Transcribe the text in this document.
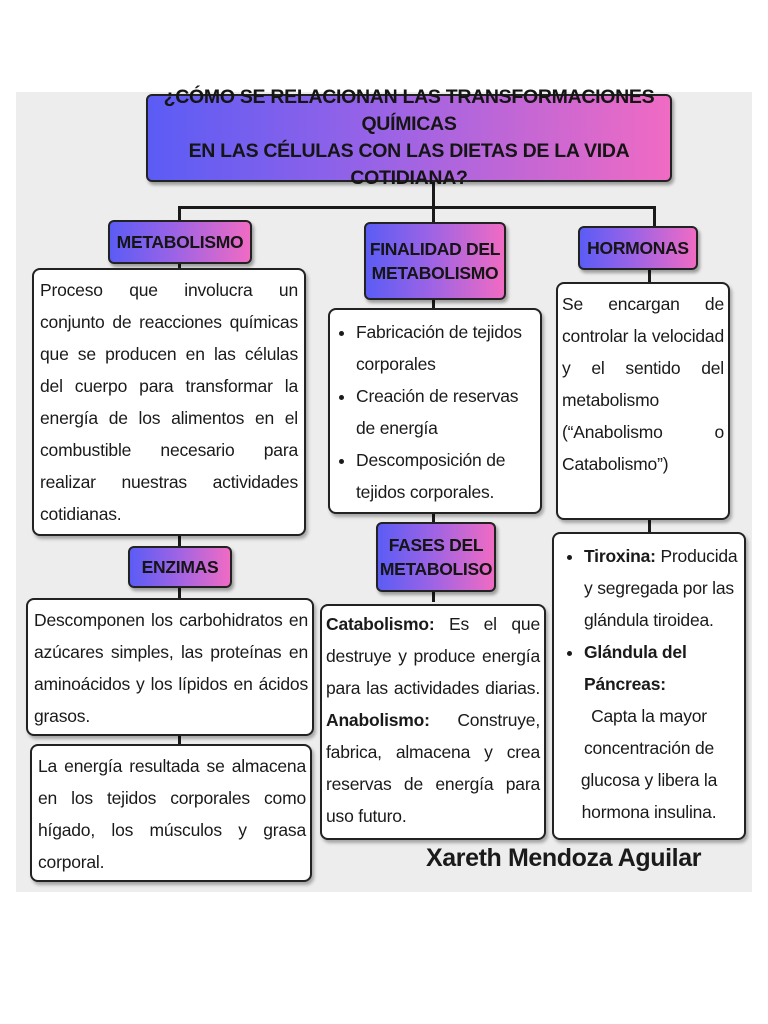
¿CÓMO SE RELACIONAN LAS TRANSFORMACIONES QUÍMICAS
EN LAS CÉLULAS CON LAS DIETAS DE LA VIDA COTIDIANA?
METABOLISMO
Proceso que involucra un conjunto de reacciones químicas que se producen en las células del cuerpo para transformar la energía de los alimentos en el combustible necesario para realizar nuestras actividades cotidianas.
ENZIMAS
Descomponen los carbohidratos en azúcares simples, las proteínas en aminoácidos y los lípidos en ácidos grasos.
La energía resultada se almacena en los tejidos corporales como hígado, los músculos y grasa corporal.
FINALIDAD DEL
METABOLISMO
• Fabricación de tejidos corporales
• Creación de reservas de energía
• Descomposición de tejidos corporales.
FASES DEL
METABOLISO
Catabolismo: Es el que destruye y produce energía para las actividades diarias. Anabolismo: Construye, fabrica, almacena y crea reservas de energía para uso futuro.
HORMONAS
Se encargan de controlar la velocidad y el sentido del metabolismo (“Anabolismo o Catabolismo”)
• Tiroxina: Producida y segregada por las glándula tiroidea.
• Glándula del Páncreas:
Capta la mayor concentración de glucosa y libera la hormona insulina.
Xareth Mendoza Aguilar
